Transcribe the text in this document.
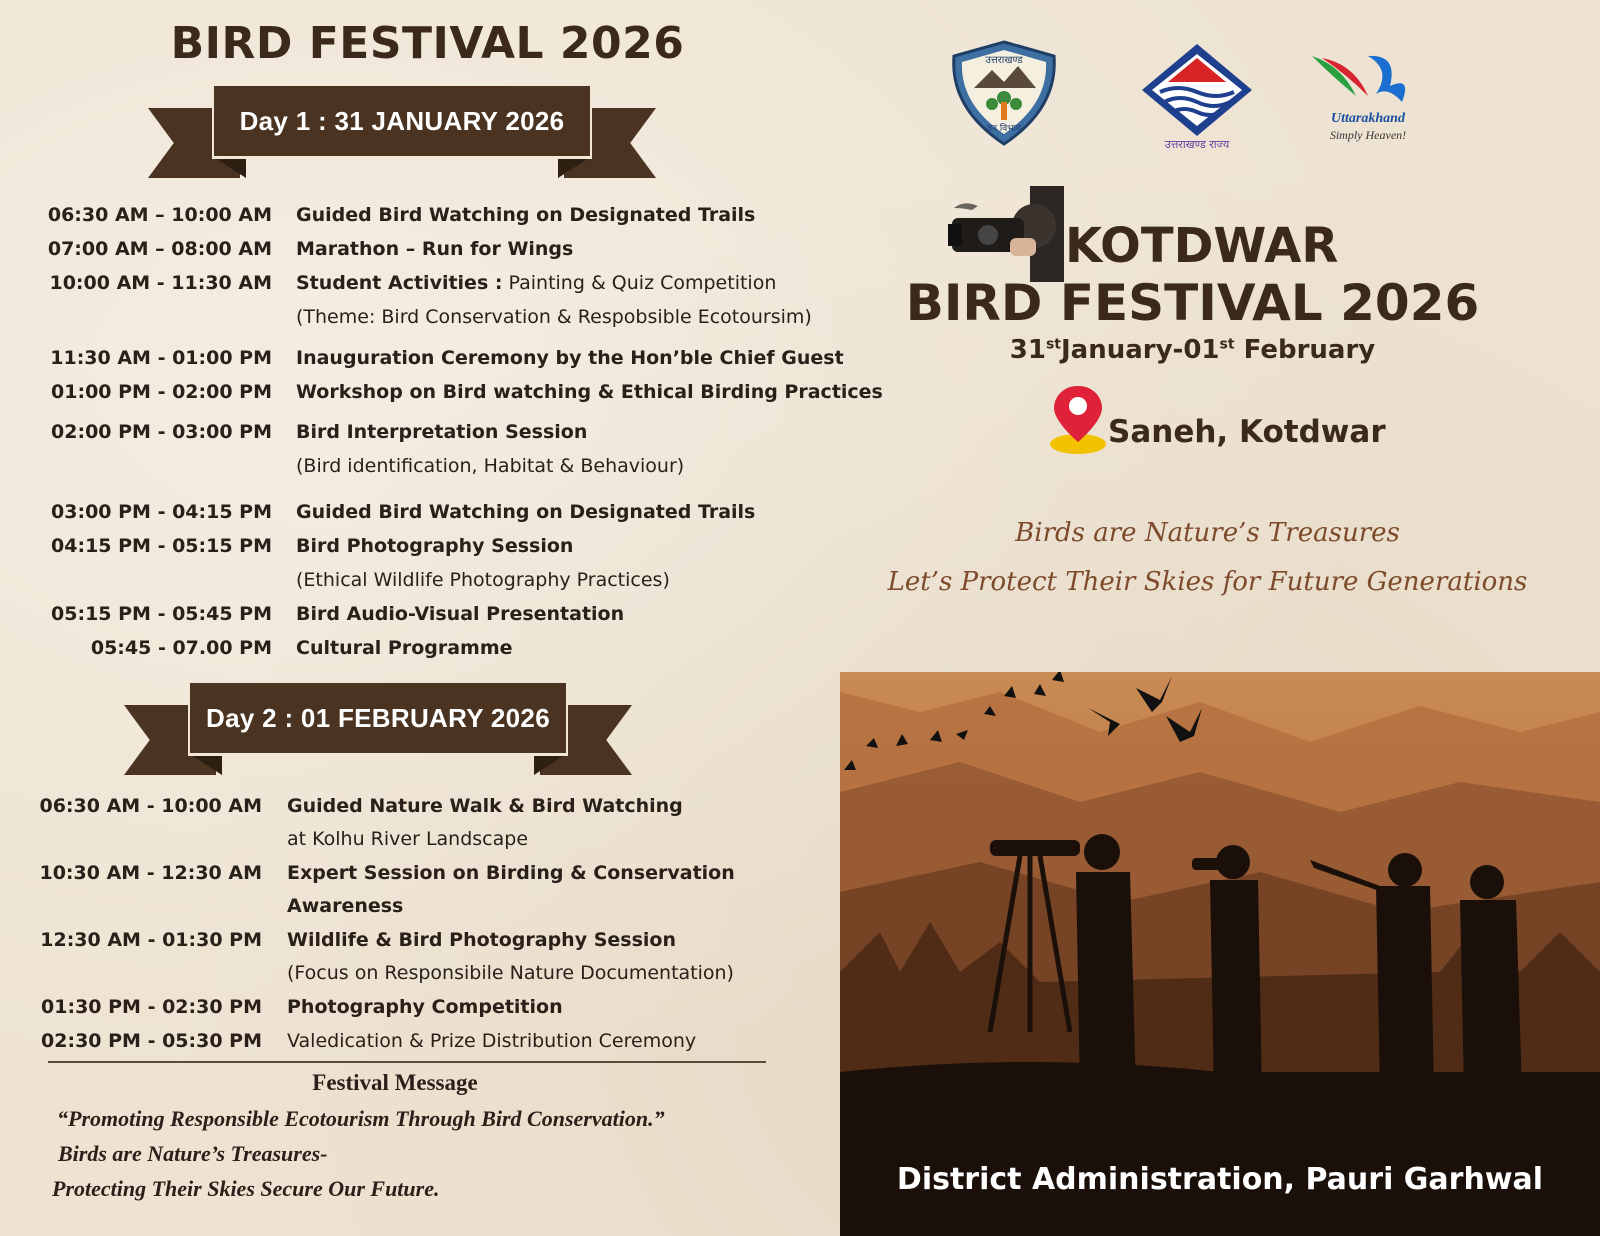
BIRD FESTIVAL 2026
Day 1 : 31 JANUARY 2026
06:30 AM – 10:00 AM Guided Bird Watching on Designated Trails
07:00 AM – 08:00 AM Marathon – Run for Wings
10:00 AM - 11:30 AM Student Activities : Painting & Quiz Competition
(Theme: Bird Conservation & Respobsible Ecotoursim)
11:30 AM - 01:00 PM Inauguration Ceremony by the Hon’ble Chief Guest
01:00 PM - 02:00 PM Workshop on Bird watching & Ethical Birding Practices
02:00 PM - 03:00 PM Bird Interpretation Session
(Bird identification, Habitat & Behaviour)
03:00 PM - 04:15 PM Guided Bird Watching on Designated Trails
04:15 PM - 05:15 PM Bird Photography Session
(Ethical Wildlife Photography Practices)
05:15 PM - 05:45 PM Bird Audio-Visual Presentation
05:45 - 07.00 PM Cultural Programme
Day 2 : 01 FEBRUARY 2026
06:30 AM - 10:00 AM Guided Nature Walk & Bird Watching
at Kolhu River Landscape
10:30 AM - 12:30 AM Expert Session on Birding & Conservation
Awareness
12:30 AM - 01:30 PM Wildlife & Bird Photography Session
(Focus on Responsibile Nature Documentation)
01:30 PM - 02:30 PM Photography Competition
02:30 PM - 05:30 PM Valedication & Prize Distribution Ceremony
Festival Message
“Promoting Responsible Ecotourism Through Bird Conservation.”
Birds are Nature’s Treasures-
Protecting Their Skies Secure Our Future.
उत्तराखण्ड
वन विभाग
उत्तराखण्ड राज्य
Uttarakhand
Simply Heaven!
KOTDWAR
BIRD FESTIVAL 2026
31stJanuary-01st February
Saneh, Kotdwar
Birds are Nature’s Treasures
Let’s Protect Their Skies for Future Generations
District Administration, Pauri Garhwal
